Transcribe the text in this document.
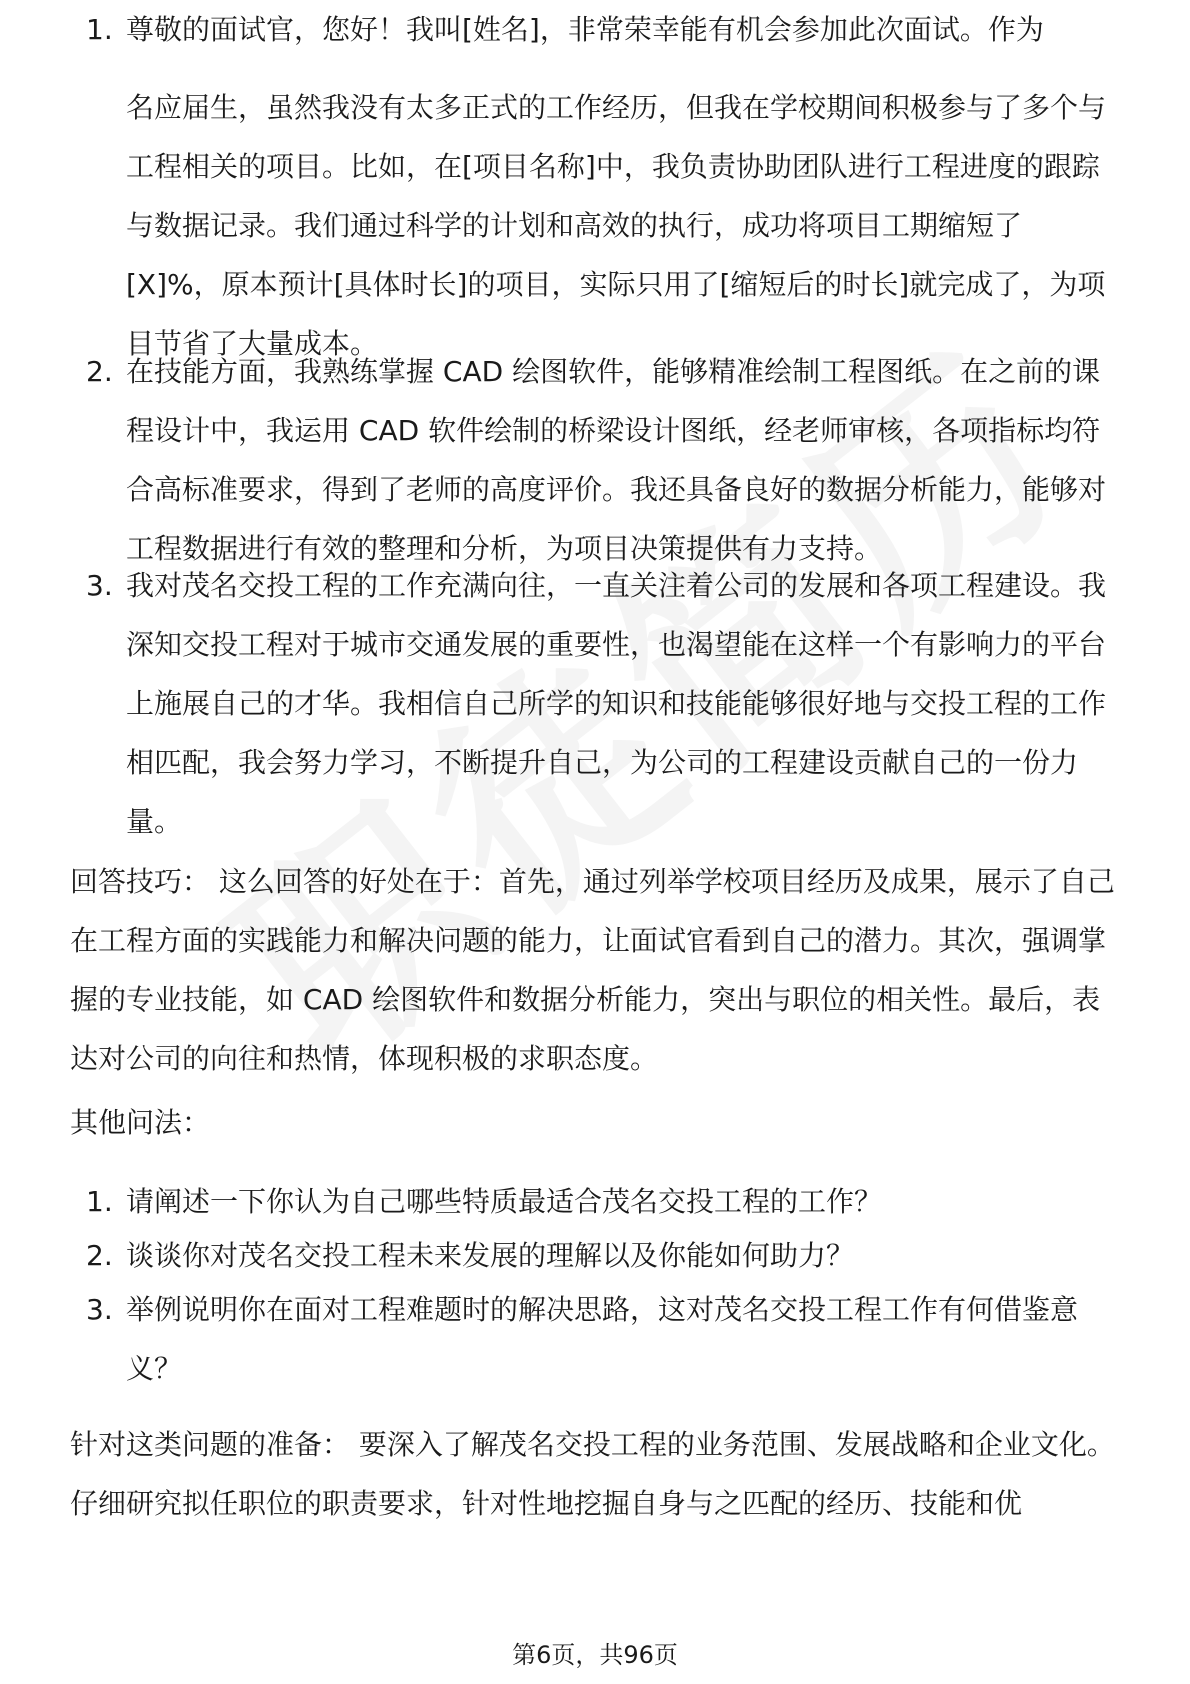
1. 尊敬的面试官，您好！我叫[姓名]，非常荣幸能有机会参加此次面试。作为
名应届生，虽然我没有太多正式的工作经历，但我在学校期间积极参与了多个与工程相关的项目。比如，在[项目名称]中，我负责协助团队进行工程进度的跟踪与数据记录。我们通过科学的计划和高效的执行，成功将项目工期缩短了[X]%，原本预计[具体时长]的项目，实际只用了[缩短后的时长]就完成了，为项目节省了大量成本。
2. 在技能方面，我熟练掌握 CAD 绘图软件，能够精准绘制工程图纸。在之前的课程设计中，我运用 CAD 软件绘制的桥梁设计图纸，经老师审核，各项指标均符合高标准要求，得到了老师的高度评价。我还具备良好的数据分析能力，能够对工程数据进行有效的整理和分析，为项目决策提供有力支持。
3. 我对茂名交投工程的工作充满向往，一直关注着公司的发展和各项工程建设。我深知交投工程对于城市交通发展的重要性，也渴望能在这样一个有影响力的平台上施展自己的才华。我相信自己所学的知识和技能能够很好地与交投工程的工作相匹配，我会努力学习，不断提升自己，为公司的工程建设贡献自己的一份力量。
回答技巧： 这么回答的好处在于：首先，通过列举学校项目经历及成果，展示了自己在工程方面的实践能力和解决问题的能力，让面试官看到自己的潜力。其次，强调掌握的专业技能，如 CAD 绘图软件和数据分析能力，突出与职位的相关性。最后，表达对公司的向往和热情，体现积极的求职态度。
其他问法：
1. 请阐述一下你认为自己哪些特质最适合茂名交投工程的工作？
2. 谈谈你对茂名交投工程未来发展的理解以及你能如何助力？
3. 举例说明你在面对工程难题时的解决思路，这对茂名交投工程工作有何借鉴意义？
针对这类问题的准备： 要深入了解茂名交投工程的业务范围、发展战略和企业文化。仔细研究拟任职位的职责要求，针对性地挖掘自身与之匹配的经历、技能和优
第6页，共96页
